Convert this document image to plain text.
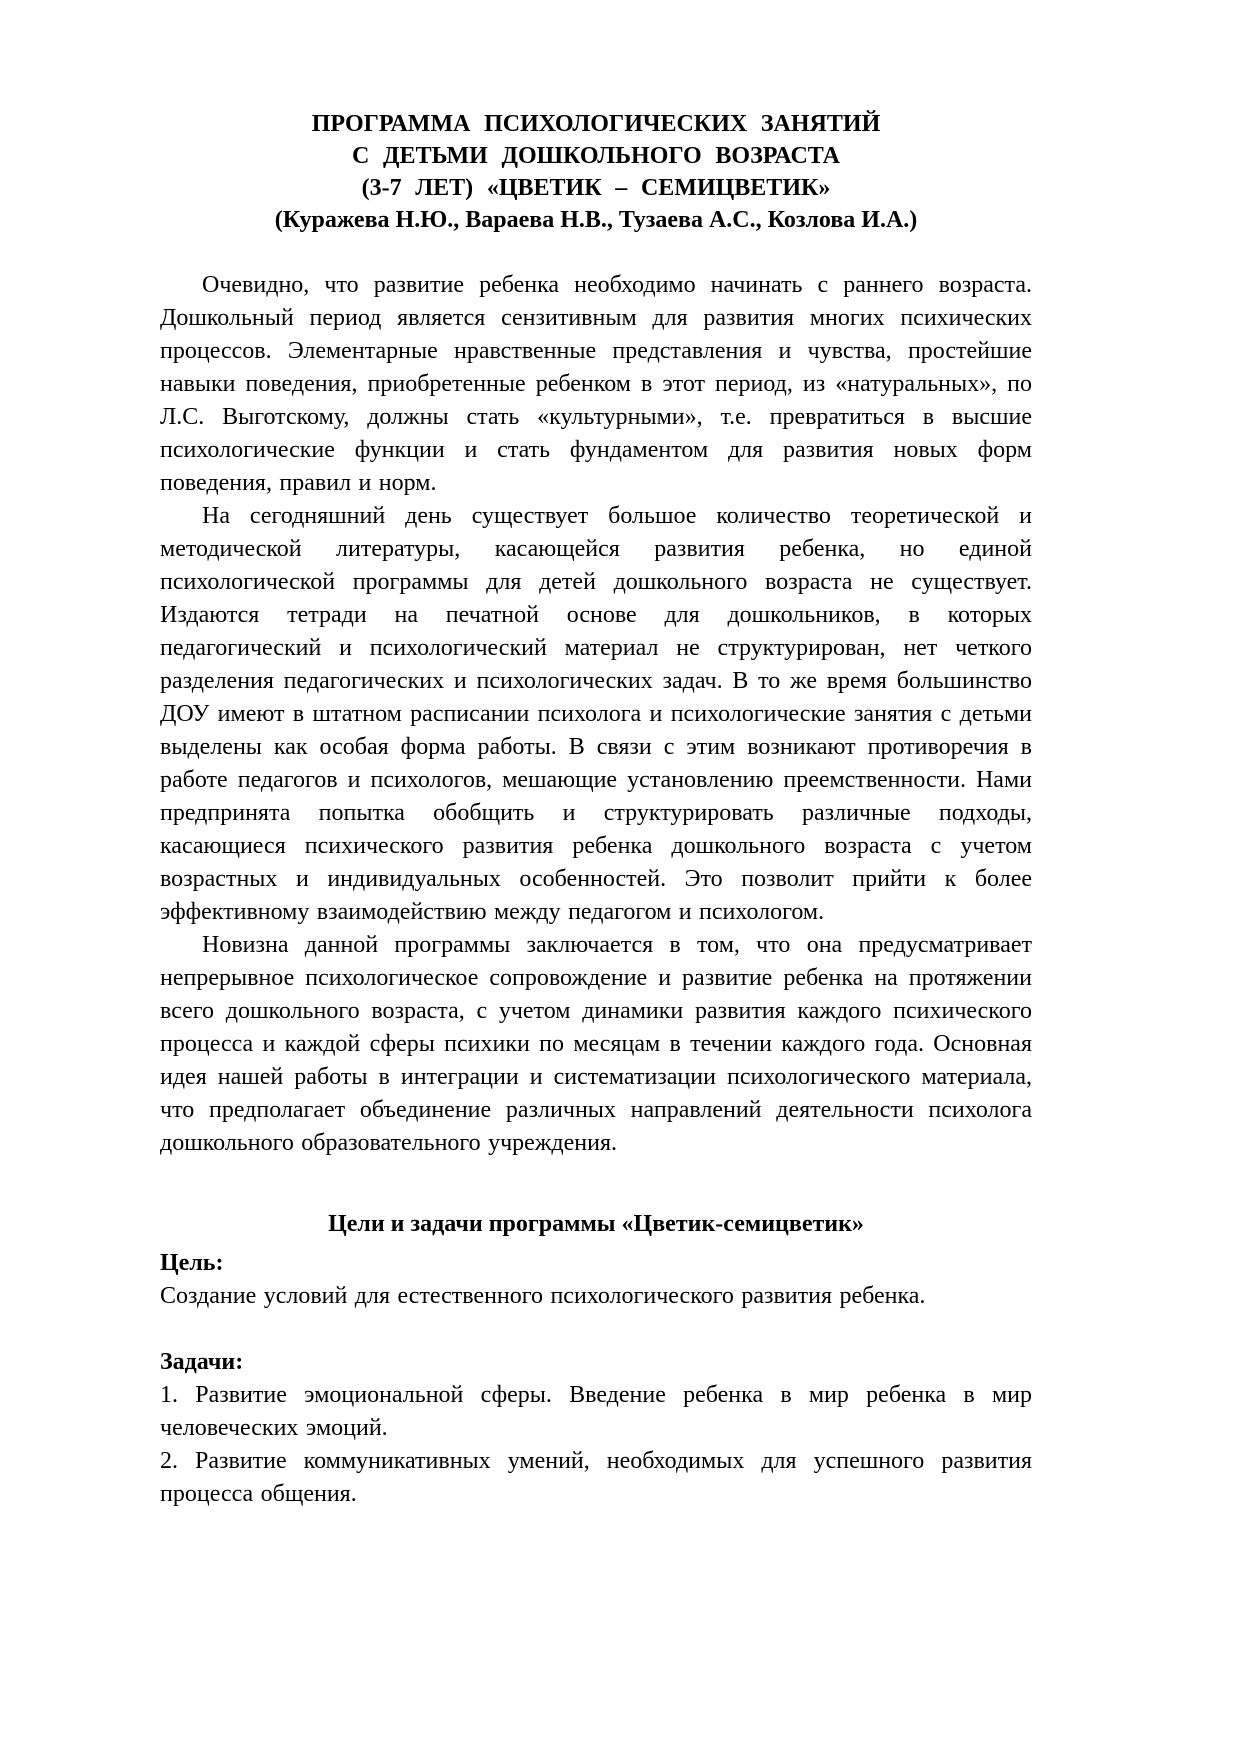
ПРОГРАММА ПСИХОЛОГИЧЕСКИХ ЗАНЯТИЙ
С ДЕТЬМИ ДОШКОЛЬНОГО ВОЗРАСТА
(3-7 ЛЕТ) «ЦВЕТИК – СЕМИЦВЕТИК»
(Куражева Н.Ю., Вараева Н.В., Тузаева А.С., Козлова И.А.)

Очевидно, что развитие ребенка необходимо начинать с раннего возраста. Дошкольный период является сензитивным для развития многих психических процессов. Элементарные нравственные представления и чувства, простейшие навыки поведения, приобретенные ребенком в этот период, из «натуральных», по Л.С. Выготскому, должны стать «культурными», т.е. превратиться в высшие психологические функции и стать фундаментом для развития новых форм поведения, правил и норм.

На сегодняшний день существует большое количество теоретической и методической литературы, касающейся развития ребенка, но единой психологической программы для детей дошкольного возраста не существует. Издаются тетради на печатной основе для дошкольников, в которых педагогический и психологический материал не структурирован, нет четкого разделения педагогических и психологических задач. В то же время большинство ДОУ имеют в штатном расписании психолога и психологические занятия с детьми выделены как особая форма работы. В связи с этим возникают противоречия в работе педагогов и психологов, мешающие установлению преемственности. Нами предпринята попытка обобщить и структурировать различные подходы, касающиеся психического развития ребенка дошкольного возраста с учетом возрастных и индивидуальных особенностей. Это позволит прийти к более эффективному взаимодействию между педагогом и психологом.

Новизна данной программы заключается в том, что она предусматривает непрерывное психологическое сопровождение и развитие ребенка на протяжении всего дошкольного возраста, с учетом динамики развития каждого психического процесса и каждой сферы психики по месяцам в течении каждого года. Основная идея нашей работы в интеграции и систематизации психологического материала, что предполагает объединение различных направлений деятельности психолога дошкольного образовательного учреждения.

Цели и задачи программы «Цветик-семицветик»
Цель:

Создание условий для естественного психологического развития ребенка.

Задачи:

1. Развитие эмоциональной сферы. Введение ребенка в мир ребенка в мир человеческих эмоций.

2. Развитие коммуникативных умений, необходимых для успешного развития процесса общения.
